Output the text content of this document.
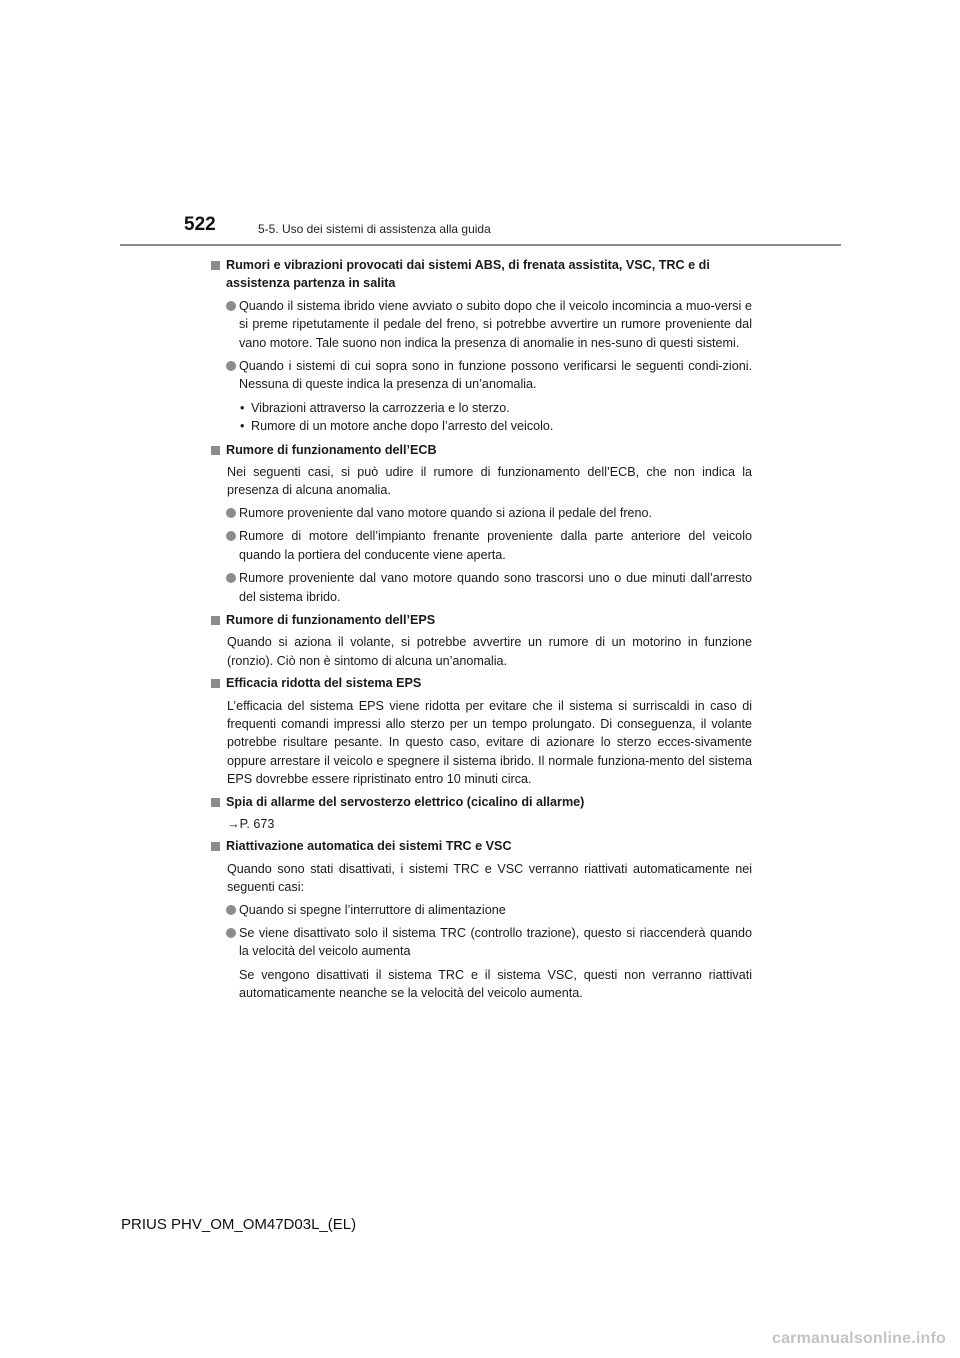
522	5-5. Uso dei sistemi di assistenza alla guida
Rumori e vibrazioni provocati dai sistemi ABS, di frenata assistita, VSC, TRC e di assistenza partenza in salita
Quando il sistema ibrido viene avviato o subito dopo che il veicolo incomincia a muo-versi e si preme ripetutamente il pedale del freno, si potrebbe avvertire un rumore proveniente dal vano motore. Tale suono non indica la presenza di anomalie in nes-suno di questi sistemi.
Quando i sistemi di cui sopra sono in funzione possono verificarsi le seguenti condi-zioni. Nessuna di queste indica la presenza di un’anomalia.
• Vibrazioni attraverso la carrozzeria e lo sterzo.
• Rumore di un motore anche dopo l’arresto del veicolo.
Rumore di funzionamento dell’ECB
Nei seguenti casi, si può udire il rumore di funzionamento dell’ECB, che non indica la presenza di alcuna anomalia.
Rumore proveniente dal vano motore quando si aziona il pedale del freno.
Rumore di motore dell’impianto frenante proveniente dalla parte anteriore del veicolo quando la portiera del conducente viene aperta.
Rumore proveniente dal vano motore quando sono trascorsi uno o due minuti dall’arresto del sistema ibrido.
Rumore di funzionamento dell’EPS
Quando si aziona il volante, si potrebbe avvertire un rumore di un motorino in funzione (ronzio). Ciò non è sintomo di alcuna un’anomalia.
Efficacia ridotta del sistema EPS
L’efficacia del sistema EPS viene ridotta per evitare che il sistema si surriscaldi in caso di frequenti comandi impressi allo sterzo per un tempo prolungato. Di conseguenza, il volante potrebbe risultare pesante. In questo caso, evitare di azionare lo sterzo ecces-sivamente oppure arrestare il veicolo e spegnere il sistema ibrido. Il normale funziona-mento del sistema EPS dovrebbe essere ripristinato entro 10 minuti circa.
Spia di allarme del servosterzo elettrico (cicalino di allarme)
→P. 673
Riattivazione automatica dei sistemi TRC e VSC
Quando sono stati disattivati, i sistemi TRC e VSC verranno riattivati automaticamente nei seguenti casi:
Quando si spegne l’interruttore di alimentazione
Se viene disattivato solo il sistema TRC (controllo trazione), questo si riaccenderà quando la velocità del veicolo aumenta
Se vengono disattivati il sistema TRC e il sistema VSC, questi non verranno riattivati automaticamente neanche se la velocità del veicolo aumenta.
PRIUS PHV_OM_OM47D03L_(EL)
carmanualsonline.info
